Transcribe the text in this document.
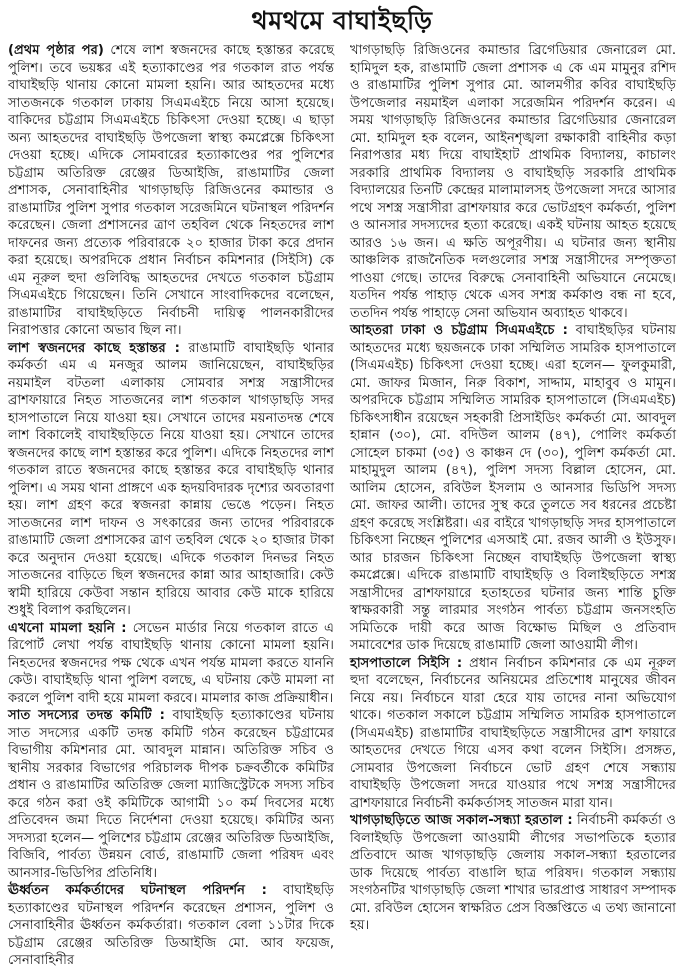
থমথমে বাঘাইছড়ি

(প্রথম পৃষ্ঠার পর) শেষে লাশ স্বজনদের কাছে হস্তান্তর করেছে পুলিশ। তবে ভয়ঙ্কর এই হত্যাকাণ্ডের পর গতকাল রাত পর্যন্ত বাঘাইছড়ি থানায় কোনো মামলা হয়নি। আর আহতদের মধ্যে সাতজনকে গতকাল ঢাকায় সিএমএইচে নিয়ে আসা হয়েছে। বাকিদের চট্টগ্রাম সিএমএইচে চিকিৎসা দেওয়া হচ্ছে। এ ছাড়া অন্য আহতদের বাঘাইছড়ি উপজেলা স্বাস্থ্য কমপ্লেক্সে চিকিৎসা দেওয়া হচ্ছে। এদিকে সোমবারের হত্যাকাণ্ডের পর পুলিশের চট্টগ্রাম অতিরিক্ত রেঞ্জের ডিআইজি, রাঙামাটির জেলা প্রশাসক, সেনাবাহিনীর খাগড়াছড়ি রিজিওনের কমান্ডার ও রাঙামাটির পুলিশ সুপার গতকাল সরেজমিনে ঘটনাস্থল পরিদর্শন করেছেন। জেলা প্রশাসনের ত্রাণ তহবিল থেকে নিহতদের লাশ দাফনের জন্য প্রত্যেক পরিবারকে ২০ হাজার টাকা করে প্রদান করা হয়েছে। অপরদিকে প্রধান নির্বাচন কমিশনার (সিইসি) কে এম নূরুল হুদা গুলিবিদ্ধ আহতদের দেখতে গতকাল চট্টগ্রাম সিএমএইচে গিয়েছেন। তিনি সেখানে সাংবাদিকদের বলেছেন, রাঙামাটির বাঘাইছড়িতে নির্বাচনী দায়িত্ব পালনকারীদের নিরাপত্তার কোনো অভাব ছিল না।

লাশ স্বজনদের কাছে হস্তান্তর : রাঙামাটি বাঘাইছড়ি থানার কর্মকর্তা এম এ মনজুর আলম জানিয়েছেন, বাঘাইছড়ির নয়মাইল বটতলা এলাকায় সোমবার সশস্ত্র সন্ত্রাসীদের ব্রাশফায়ারে নিহত সাতজনের লাশ গতকাল খাগড়াছড়ি সদর হাসপাতালে নিয়ে যাওয়া হয়। সেখানে তাদের ময়নাতদন্ত শেষে লাশ বিকালেই বাঘাইছড়িতে নিয়ে যাওয়া হয়। সেখানে তাদের স্বজনদের কাছে লাশ হস্তান্তর করে পুলিশ। এদিকে নিহতদের লাশ গতকাল রাতে স্বজনদের কাছে হস্তান্তর করে বাঘাইছড়ি থানার পুলিশ। এ সময় থানা প্রাঙ্গণে এক হৃদয়বিদারক দৃশ্যের অবতারণা হয়। লাশ গ্রহণ করে স্বজনরা কান্নায় ভেঙে পড়েন। নিহত সাতজনের লাশ দাফন ও সৎকারের জন্য তাদের পরিবারকে রাঙামাটি জেলা প্রশাসকের ত্রাণ তহবিল থেকে ২০ হাজার টাকা করে অনুদান দেওয়া হয়েছে। এদিকে গতকাল দিনভর নিহত সাতজনের বাড়িতে ছিল স্বজনদের কান্না আর আহাজারি। কেউ স্বামী হারিয়ে কেউবা সন্তান হারিয়ে আবার কেউ মাকে হারিয়ে শুধুই বিলাপ করছিলেন।

এখনো মামলা হয়নি : সেভেন মার্ডার নিয়ে গতকাল রাতে এ রিপোর্ট লেখা পর্যন্ত বাঘাইছড়ি থানায় কোনো মামলা হয়নি। নিহতদের স্বজনদের পক্ষ থেকে এখন পর্যন্ত মামলা করতে যাননি কেউ। বাঘাইছড়ি থানা পুলিশ বলছে, এ ঘটনায় কেউ মামলা না করলে পুলিশ বাদী হয়ে মামলা করবে। মামলার কাজ প্রক্রিয়াধীন।

সাত সদস্যের তদন্ত কমিটি : বাঘাইছড়ি হত্যাকাণ্ডের ঘটনায় সাত সদস্যের একটি তদন্ত কমিটি গঠন করেছেন চট্টগ্রামের বিভাগীয় কমিশনার মো. আবদুল মান্নান। অতিরিক্ত সচিব ও স্থানীয় সরকার বিভাগের পরিচালক দীপক চক্রবর্তীকে কমিটির প্রধান ও রাঙামাটির অতিরিক্ত জেলা ম্যাজিস্ট্রেটকে সদস্য সচিব করে গঠন করা ওই কমিটিকে আগামী ১০ কর্ম দিবসের মধ্যে প্রতিবেদন জমা দিতে নির্দেশনা দেওয়া হয়েছে। কমিটির অন্য সদস্যরা হলেন— পুলিশের চট্টগ্রাম রেঞ্জের অতিরিক্ত ডিআইজি, বিজিবি, পার্বত্য উন্নয়ন বোর্ড, রাঙামাটি জেলা পরিষদ এবং আনসার-ভিডিপির প্রতিনিধি।

ঊর্ধ্বতন কর্মকর্তাদের ঘটনাস্থল পরিদর্শন : বাঘাইছড়ি হত্যাকাণ্ডের ঘটনাস্থল পরিদর্শন করেছেন প্রশাসন, পুলিশ ও সেনাবাহিনীর ঊর্ধ্বতন কর্মকর্তারা। গতকাল বেলা ১১টার দিকে চট্টগ্রাম রেঞ্জের অতিরিক্ত ডিআইজি মো. আব ফয়েজ, সেনাবাহিনীর

খাগড়াছড়ি রিজিওনের কমান্ডার ব্রিগেডিয়ার জেনারেল মো. হামিদুল হক, রাঙামাটি জেলা প্রশাসক এ কে এম মামুনুর রশিদ ও রাঙামাটির পুলিশ সুপার মো. আলমগীর কবির বাঘাইছড়ি উপজেলার নয়মাইল এলাকা সরেজমিন পরিদর্শন করেন। এ সময় খাগড়াছড়ি রিজিওনের কমান্ডার ব্রিগেডিয়ার জেনারেল মো. হামিদুল হক বলেন, আইনশৃঙ্খলা রক্ষাকারী বাহিনীর কড়া নিরাপত্তার মধ্য দিয়ে বাঘাইহাট প্রাথমিক বিদ্যালয়, কাচালং সরকারি প্রাথমিক বিদ্যালয় ও বাঘাইছড়ি সরকারি প্রাথমিক বিদ্যালয়ের তিনটি কেন্দ্রের মালামালসহ উপজেলা সদরে আসার পথে সশস্ত্র সন্ত্রাসীরা ব্রাশফায়ার করে ভোটগ্রহণ কর্মকর্তা, পুলিশ ও আনসার সদস্যদের হত্যা করেছে। একই ঘটনায় আহত হয়েছে আরও ১৬ জন। এ ক্ষতি অপূরণীয়। এ ঘটনার জন্য স্থানীয় আঞ্চলিক রাজনৈতিক দলগুলোর সশস্ত্র সন্ত্রাসীদের সম্পৃক্ততা পাওয়া গেছে। তাদের বিরুদ্ধে সেনাবাহিনী অভিযানে নেমেছে। যতদিন পর্যন্ত পাহাড় থেকে এসব সশস্ত্র কর্মকাণ্ড বন্ধ না হবে, ততদিন পর্যন্ত পাহাড়ে সেনা অভিযান অব্যাহত থাকবে।

আহতরা ঢাকা ও চট্টগ্রাম সিএমএইচে : বাঘাইছড়ির ঘটনায় আহতদের মধ্যে ছয়জনকে ঢাকা সম্মিলিত সামরিক হাসপাতালে (সিএমএইচ) চিকিৎসা দেওয়া হচ্ছে। এরা হলেন— ফুলকুমারী, মো. জাফর মিজান, নিরু বিকাশ, সাদ্দাম, মাহাবুব ও মামুন। অপরদিকে চট্টগ্রাম সম্মিলিত সামরিক হাসপাতালে (সিএমএইচ) চিকিৎসাধীন রয়েছেন সহকারী প্রিসাইডিং কর্মকর্তা মো. আবদুল হান্নান (৩০), মো. বদিউল আলম (৪৭), পোলিং কর্মকর্তা সোহেল চাকমা (৩৫) ও কাঞ্চন দে (৩০), পুলিশ কর্মকর্তা মো. মাহামুদুল আলম (৪৭), পুলিশ সদস্য বিল্লাল হোসেন, মো. আলিম হোসেন, রবিউল ইসলাম ও আনসার ভিডিপি সদস্য মো. জাফর আলী। তাদের সুস্থ করে তুলতে সব ধরনের প্রচেষ্টা গ্রহণ করেছে সংশ্লিষ্টরা। এর বাইরে খাগড়াছড়ি সদর হাসপাতালে চিকিৎসা নিচ্ছেন পুলিশের এসআই মো. রজব আলী ও ইউসুফ। আর চারজন চিকিৎসা নিচ্ছেন বাঘাইছড়ি উপজেলা স্বাস্থ্য কমপ্লেক্সে। এদিকে রাঙামাটি বাঘাইছড়ি ও বিলাইছড়িতে সশস্ত্র সন্ত্রাসীদের ব্রাশফায়ারে হতাহতের ঘটনার জন্য শান্তি চুক্তি স্বাক্ষরকারী সন্তু লারমার সংগঠন পার্বত্য চট্টগ্রাম জনসংহতি সমিতিকে দায়ী করে আজ বিক্ষোভ মিছিল ও প্রতিবাদ সমাবেশের ডাক দিয়েছে রাঙামাটি জেলা আওয়ামী লীগ।

হাসপাতালে সিইসি : প্রধান নির্বাচন কমিশনার কে এম নূরুল হুদা বলেছেন, নির্বাচনের অনিয়মের প্রতিশোধ মানুষের জীবন নিয়ে নয়। নির্বাচনে যারা হেরে যায় তাদের নানা অভিযোগ থাকে। গতকাল সকালে চট্টগ্রাম সম্মিলিত সামরিক হাসপাতালে (সিএমএইচ) রাঙামাটির বাঘাইছড়িতে সন্ত্রাসীদের ব্রাশ ফায়ারে আহতদের দেখতে গিয়ে এসব কথা বলেন সিইসি। প্রসঙ্গত, সোমবার উপজেলা নির্বাচনে ভোট গ্রহণ শেষে সন্ধ্যায় বাঘাইছড়ি উপজেলা সদরে যাওয়ার পথে সশস্ত্র সন্ত্রাসীদের ব্রাশফায়ারে নির্বাচনী কর্মকর্তাসহ সাতজন মারা যান।

খাগড়াছড়িতে আজ সকাল-সন্ধ্যা হরতাল : নির্বাচনী কর্মকর্তা ও বিলাইছড়ি উপজেলা আওয়ামী লীগের সভাপতিকে হত্যার প্রতিবাদে আজ খাগড়াছড়ি জেলায় সকাল-সন্ধ্যা হরতালের ডাক দিয়েছে পার্বত্য বাঙালি ছাত্র পরিষদ। গতকাল সন্ধ্যায় সংগঠনটির খাগড়াছড়ি জেলা শাখার ভারপ্রাপ্ত সাধারণ সম্পাদক মো. রবিউল হোসেন স্বাক্ষরিত প্রেস বিজ্ঞপ্তিতে এ তথ্য জানানো হয়।
